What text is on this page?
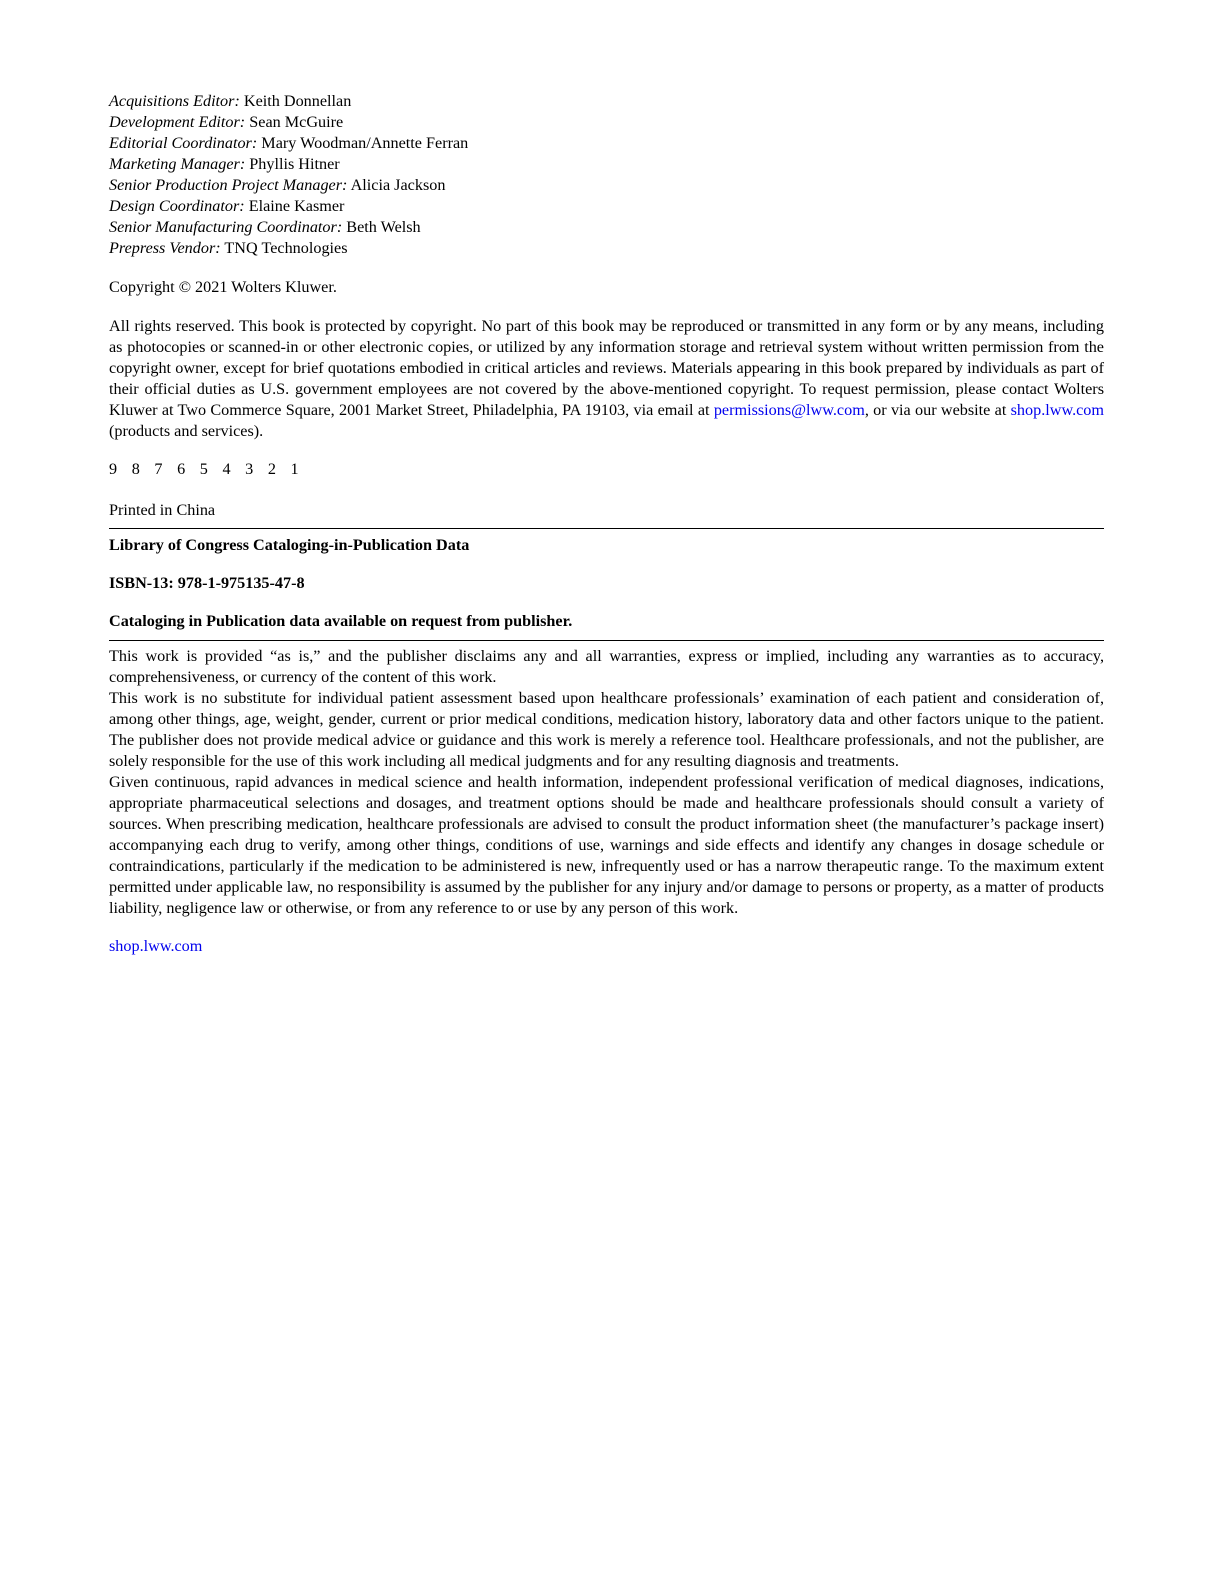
Acquisitions Editor: Keith Donnellan
Development Editor: Sean McGuire
Editorial Coordinator: Mary Woodman/Annette Ferran
Marketing Manager: Phyllis Hitner
Senior Production Project Manager: Alicia Jackson
Design Coordinator: Elaine Kasmer
Senior Manufacturing Coordinator: Beth Welsh
Prepress Vendor: TNQ Technologies

Copyright © 2021 Wolters Kluwer.

All rights reserved. This book is protected by copyright. No part of this book may be reproduced or transmitted in any form or by any means, including as photocopies or scanned-in or other electronic copies, or utilized by any information storage and retrieval system without written permission from the copyright owner, except for brief quotations embodied in critical articles and reviews. Materials appearing in this book prepared by individuals as part of their official duties as U.S. government employees are not covered by the above-mentioned copyright. To request permission, please contact Wolters Kluwer at Two Commerce Square, 2001 Market Street, Philadelphia, PA 19103, via email at permissions@lww.com, or via our website at shop.lww.com (products and services).

9 8 7 6 5 4 3 2 1

Printed in China

Library of Congress Cataloging-in-Publication Data

ISBN-13: 978-1-975135-47-8

Cataloging in Publication data available on request from publisher.

This work is provided “as is,” and the publisher disclaims any and all warranties, express or implied, including any warranties as to accuracy, comprehensiveness, or currency of the content of this work.

This work is no substitute for individual patient assessment based upon healthcare professionals’ examination of each patient and consideration of, among other things, age, weight, gender, current or prior medical conditions, medication history, laboratory data and other factors unique to the patient. The publisher does not provide medical advice or guidance and this work is merely a reference tool. Healthcare professionals, and not the publisher, are solely responsible for the use of this work including all medical judgments and for any resulting diagnosis and treatments.

Given continuous, rapid advances in medical science and health information, independent professional verification of medical diagnoses, indications, appropriate pharmaceutical selections and dosages, and treatment options should be made and healthcare professionals should consult a variety of sources. When prescribing medication, healthcare professionals are advised to consult the product information sheet (the manufacturer’s package insert) accompanying each drug to verify, among other things, conditions of use, warnings and side effects and identify any changes in dosage schedule or contraindications, particularly if the medication to be administered is new, infrequently used or has a narrow therapeutic range. To the maximum extent permitted under applicable law, no responsibility is assumed by the publisher for any injury and/or damage to persons or property, as a matter of products liability, negligence law or otherwise, or from any reference to or use by any person of this work.

shop.lww.com
